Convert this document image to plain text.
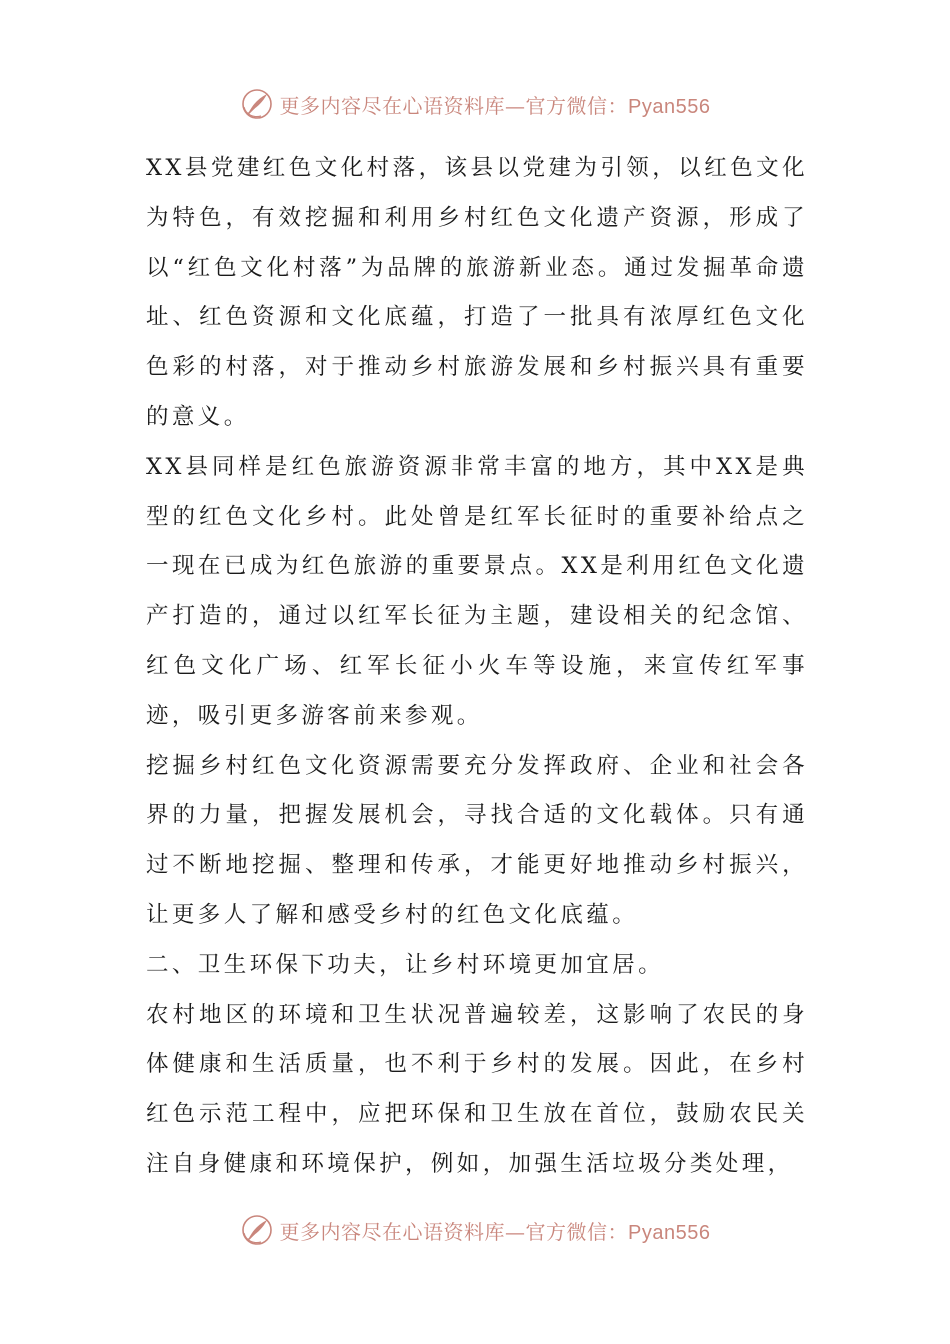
更多内容尽在心语资料库—官方微信：Pyan556

XX县党建红色文化村落，该县以党建为引领，以红色文化为特色，有效挖掘和利用乡村红色文化遗产资源，形成了以“红色文化村落”为品牌的旅游新业态。通过发掘革命遗址、红色资源和文化底蕴，打造了一批具有浓厚红色文化色彩的村落，对于推动乡村旅游发展和乡村振兴具有重要的意义。

XX县同样是红色旅游资源非常丰富的地方，其中XX是典型的红色文化乡村。此处曾是红军长征时的重要补给点之一现在已成为红色旅游的重要景点。XX是利用红色文化遗产打造的，通过以红军长征为主题，建设相关的纪念馆、红色文化广场、红军长征小火车等设施，来宣传红军事迹，吸引更多游客前来参观。

挖掘乡村红色文化资源需要充分发挥政府、企业和社会各界的力量，把握发展机会，寻找合适的文化载体。只有通过不断地挖掘、整理和传承，才能更好地推动乡村振兴，让更多人了解和感受乡村的红色文化底蕴。

二、卫生环保下功夫，让乡村环境更加宜居。

农村地区的环境和卫生状况普遍较差，这影响了农民的身体健康和生活质量，也不利于乡村的发展。因此，在乡村红色示范工程中，应把环保和卫生放在首位，鼓励农民关注自身健康和环境保护，例如，加强生活垃圾分类处理，

更多内容尽在心语资料库—官方微信：Pyan556
